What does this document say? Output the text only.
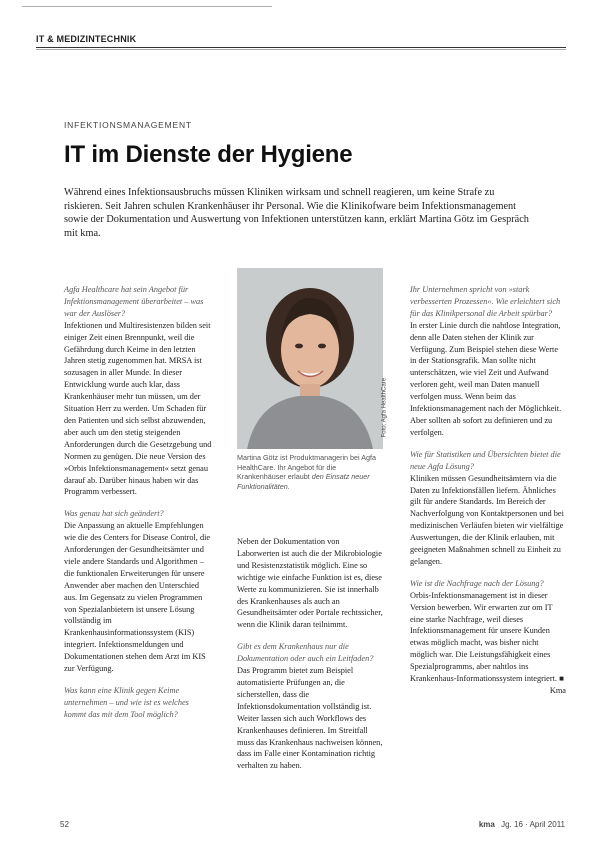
IT & MEDIZINTECHNIK
INFEKTIONSMANAGEMENT
IT im Dienste der Hygiene

Während eines Infektionsausbruchs müssen Kliniken wirksam und schnell reagieren, um keine Strafe zu riskieren. Seit Jahren schulen Krankenhäuser ihr Personal. Wie die Klinikofware beim Infektionsmanagement sowie der Dokumentation und Auswertung von Infektionen unterstützen kann, erklärt Martina Götz im Gespräch mit kma.

Agfa Healthcare hat sein Angebot für Infektionsmanagement überarbeitet – was war der Auslöser?

Infektionen und Multiresistenzen bilden seit einiger Zeit einen Brennpunkt, weil die Gefährdung durch Keime in den letzten Jahren stetig zugenommen hat. MRSA ist sozusagen in aller Munde. In dieser Entwicklung wurde auch klar, dass Krankenhäuser mehr tun müssen, um der Situation Herr zu werden. Um Schaden für den Patienten und sich selbst abzuwenden, aber auch um den stetig steigenden Anforderungen durch die Gesetzgebung und Normen zu genügen. Die neue Version des »Orbis Infektionsmanagement« setzt genau darauf ab. Darüber hinaus haben wir das Programm verbessert.

Was genau hat sich geändert?

Die Anpassung an aktuelle Empfehlungen wie die des Centers for Disease Control, die Anforderungen der Gesundheitsämter und viele andere Standards und Algorithmen – die funktionalen Erweiterungen für unsere Anwender aber machen den Unterschied aus. Im Gegensatz zu vielen Programmen von Spezialanbietern ist unsere Lösung vollständig im Krankenhausinformationssystem (KIS) integriert. Infektionsmeldungen und Dokumentationen stehen dem Arzt im KIS zur Verfügung.

Was kann eine Klinik gegen Keime unternehmen – und wie ist es welches kommt das mit dem Tool möglich?

Foto: Agfa HealthCare

Martina Götz ist Produktmanagerin bei Agfa HealthCare. Ihr Angebot für die Krankenhäuser erlaubt den Einsatz neuer Funktionalitäten.

Neben der Dokumentation von Laborwerten ist auch die der Mikrobiologie und Resistenzstatistik möglich. Eine so wichtige wie einfache Funktion ist es, diese Werte zu kommunizieren. Sie ist innerhalb des Krankenhauses als auch an Gesundheitsämter oder Portale rechtssicher, wenn die Klinik daran teilnimmt.

Gibt es dem Krankenhaus nur die Dokumentation oder auch ein Leitfaden?

Das Programm bietet zum Beispiel automatisierte Prüfungen an, die sicherstellen, dass die Infektionsdokumentation vollständig ist. Weiter lassen sich auch Workflows des Krankenhauses definieren. Im Streitfall muss das Krankenhaus nachweisen können, dass im Falle einer Kontamination richtig verhalten zu haben.

Ihr Unternehmen spricht von »stark verbesserten Prozessen«. Wie erleichtert sich für das Klinikpersonal die Arbeit spürbar?

In erster Linie durch die nahtlose Integration, denn alle Daten stehen der Klinik zur Verfügung. Zum Beispiel stehen diese Werte in der Stationsgrafik. Man sollte nicht unterschätzen, wie viel Zeit und Aufwand verloren geht, weil man Daten manuell verfolgen muss. Wenn beim das Infektionsmanagement nach der Möglichkeit. Aber sollten ab sofort zu definieren und zu verfolgen.

Wie für Statistiken und Übersichten bietet die neue Agfa Lösung?

Kliniken müssen Gesundheitsämtern via die Daten zu Infektionsfällen liefern. Ähnliches gilt für andere Standards. Im Bereich der Nachverfolgung von Kontaktpersonen und bei medizinischen Verläufen bieten wir vielfältige Auswertungen, die der Klinik erlauben, mit geeigneten Maßnahmen schnell zu Einheit zu gelangen.

Wie ist die Nachfrage nach der Lösung?

Orbis-Infektionsmanagement ist in dieser Version bewerben. Wir erwarten zur om IT eine starke Nachfrage, weil dieses Infektionsmanagement für unsere Kunden etwas möglich macht, was bisher nicht möglich war. Die Leistungsfähigkeit eines Spezialprogramms, aber nahtlos ins Krankenhaus-Informationssystem integriert. ■

Kma

52	kma Jg. 16 · April 2011
